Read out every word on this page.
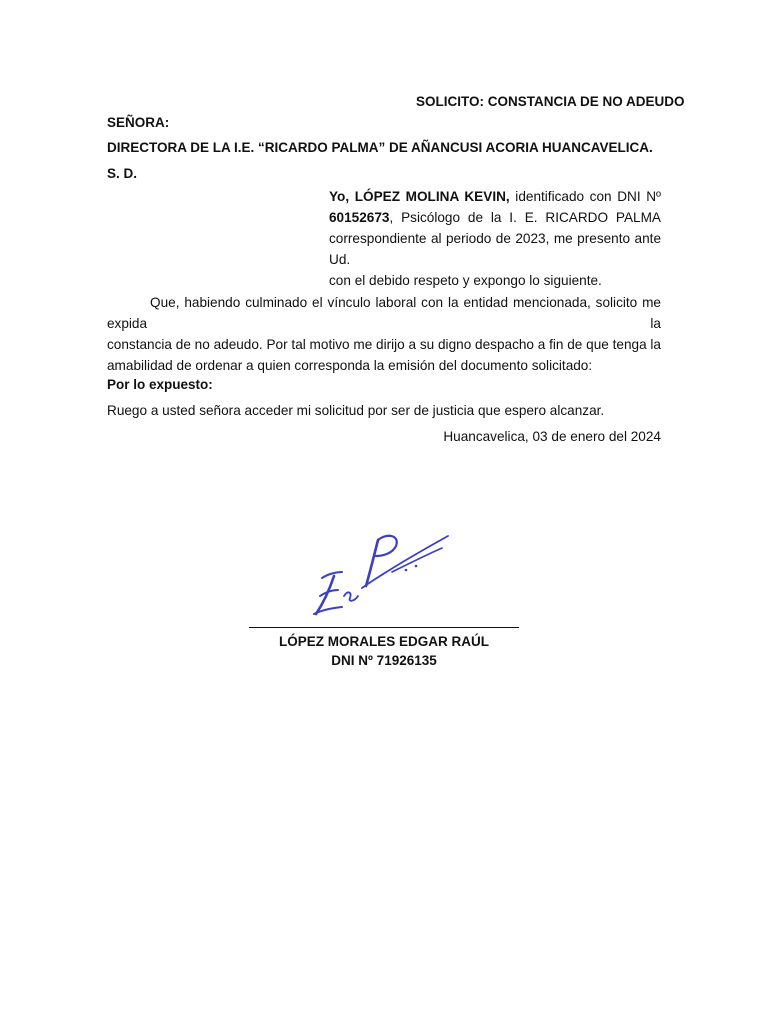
SOLICITO: CONSTANCIA DE NO ADEUDO
SEÑORA:
DIRECTORA DE LA I.E. “RICARDO PALMA” DE AÑANCUSI ACORIA HUANCAVELICA.
S. D.
Yo, LÓPEZ MOLINA KEVIN, identificado con DNI Nº
60152673, Psicólogo de la I. E. RICARDO PALMA
correspondiente al periodo de 2023, me presento ante Ud.
con el debido respeto y expongo lo siguiente.
Que, habiendo culminado el vínculo laboral con la entidad mencionada, solicito me expida la
constancia de no adeudo. Por tal motivo me dirijo a su digno despacho a fin de que tenga la
amabilidad de ordenar a quien corresponda la emisión del documento solicitado:
Por lo expuesto:
Ruego a usted señora acceder mi solicitud por ser de justicia que espero alcanzar.
Huancavelica, 03 de enero del 2024
LÓPEZ MORALES EDGAR RAÚL
DNI Nº 71926135
